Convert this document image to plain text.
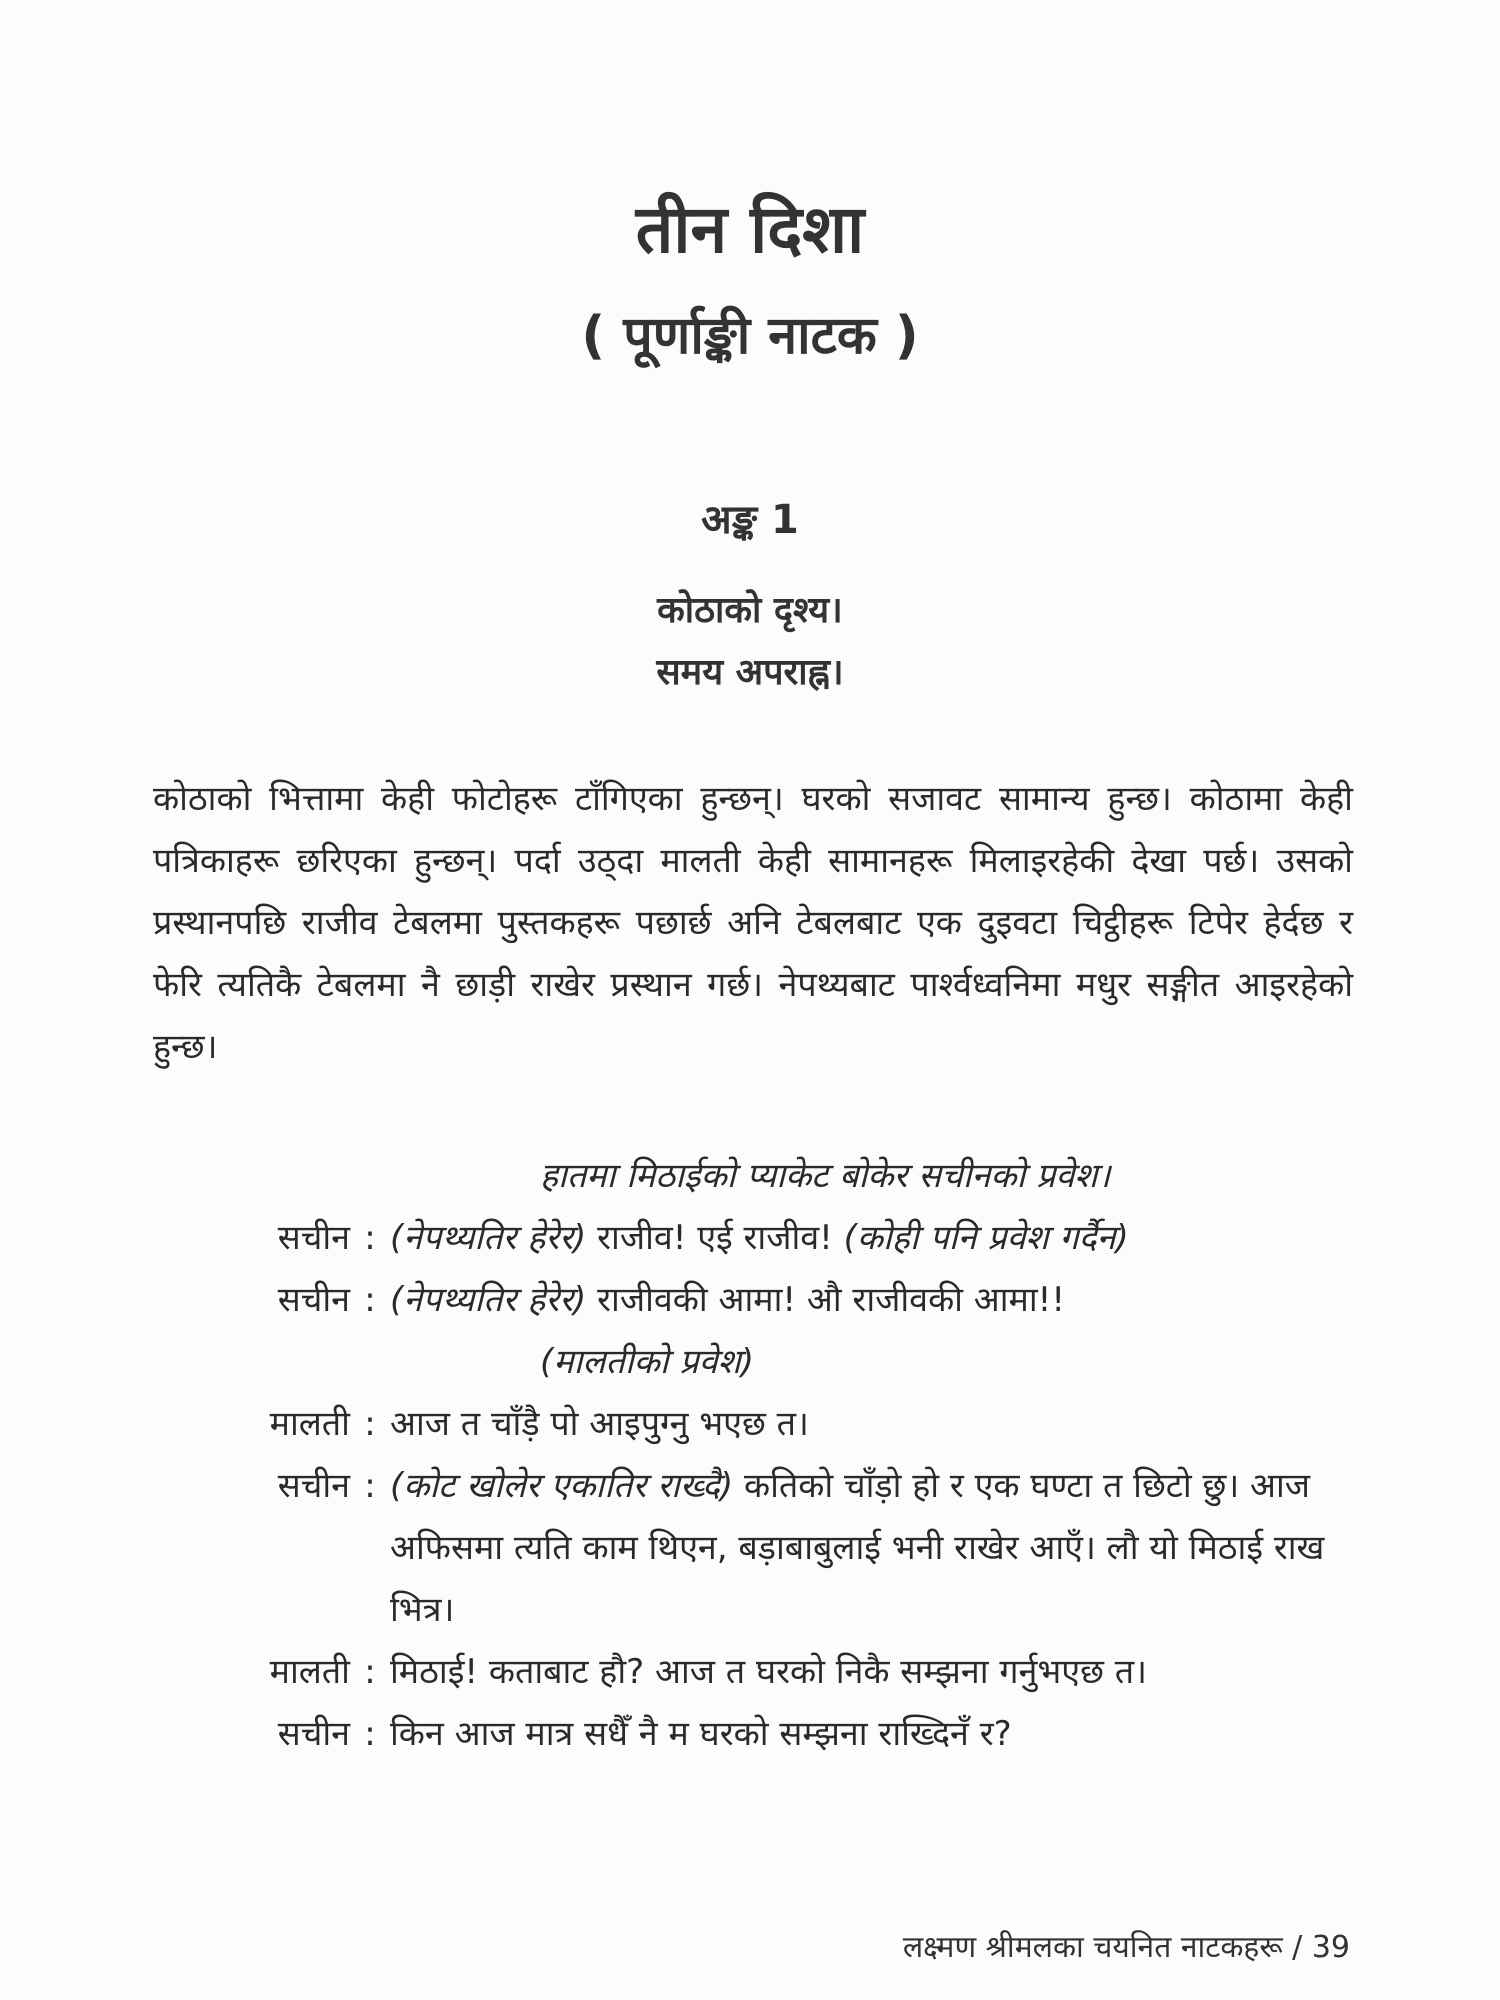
तीन दिशा
( पूर्णाङ्की नाटक )
अङ्क 1
कोठाको दृश्य।
समय अपराह्न।
कोठाको भित्तामा केही फोटोहरू टाँगिएका हुन्छन्। घरको सजावट सामान्य हुन्छ। कोठामा केही पत्रिकाहरू छरिएका हुन्छन्। पर्दा उठ्दा मालती केही सामानहरू मिलाइरहेकी देखा पर्छ। उसको प्रस्थानपछि राजीव टेबलमा पुस्तकहरू पछार्छ अनि टेबलबाट एक दुइवटा चिट्ठीहरू टिपेर हेर्दछ र फेरि त्यतिकै टेबलमा नै छाड़ी राखेर प्रस्थान गर्छ। नेपथ्यबाट पार्श्वध्वनिमा मधुर सङ्गीत आइरहेको हुन्छ।
हातमा मिठाईको प्याकेट बोकेर सचीनको प्रवेश।
सचीन : (नेपथ्यतिर हेरेर) राजीव! एई राजीव! (कोही पनि प्रवेश गर्दैन)
सचीन : (नेपथ्यतिर हेरेर) राजीवकी आमा! औ राजीवकी आमा!!
(मालतीको प्रवेश)
मालती : आज त चाँड़ै पो आइपुग्नु भएछ त।
सचीन : (कोट खोलेर एकातिर राख्दै) कतिको चाँड़ो हो र एक घण्टा त छिटो छु। आज अफिसमा त्यति काम थिएन, बड़ाबाबुलाई भनी राखेर आएँ। लौ यो मिठाई राख भित्र।
मालती : मिठाई! कताबाट हौ? आज त घरको निकै सम्झना गर्नुभएछ त।
सचीन : किन आज मात्र सधैँ नै म घरको सम्झना राख्दिनँ र?
लक्ष्मण श्रीमलका चयनित नाटकहरू / 39
